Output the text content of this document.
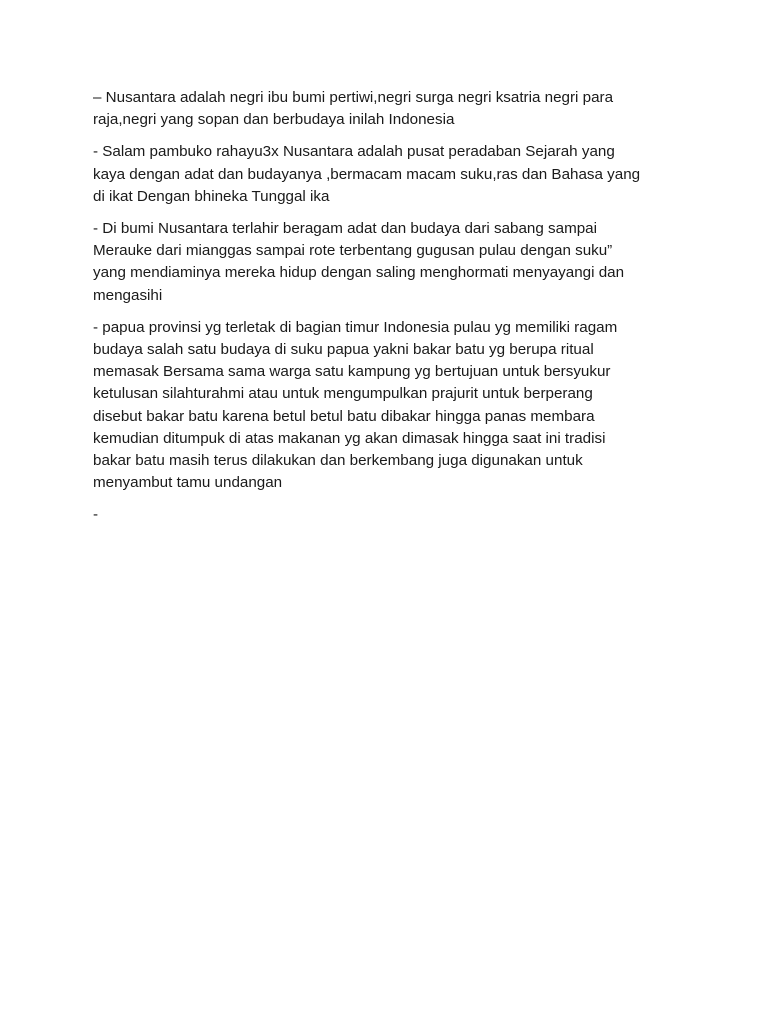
– Nusantara adalah negri ibu bumi pertiwi,negri surga negri ksatria negri para
raja,negri yang sopan dan berbudaya inilah Indonesia

- Salam pambuko rahayu3x Nusantara adalah pusat peradaban Sejarah yang
kaya dengan adat dan budayanya ,bermacam macam suku,ras dan Bahasa yang
di ikat Dengan bhineka Tunggal ika

- Di bumi Nusantara terlahir beragam adat dan budaya dari sabang sampai
Merauke dari mianggas sampai rote terbentang gugusan pulau dengan suku”
yang mendiaminya mereka hidup dengan saling menghormati menyayangi dan
mengasihi

- papua provinsi yg terletak di bagian timur Indonesia pulau yg memiliki ragam
budaya salah satu budaya di suku papua yakni bakar batu yg berupa ritual
memasak Bersama sama warga satu kampung yg bertujuan untuk bersyukur
ketulusan silahturahmi atau untuk mengumpulkan prajurit untuk berperang
disebut bakar batu karena betul betul batu dibakar hingga panas membara
kemudian ditumpuk di atas makanan yg akan dimasak hingga saat ini tradisi
bakar batu masih terus dilakukan dan berkembang juga digunakan untuk
menyambut tamu undangan

-
